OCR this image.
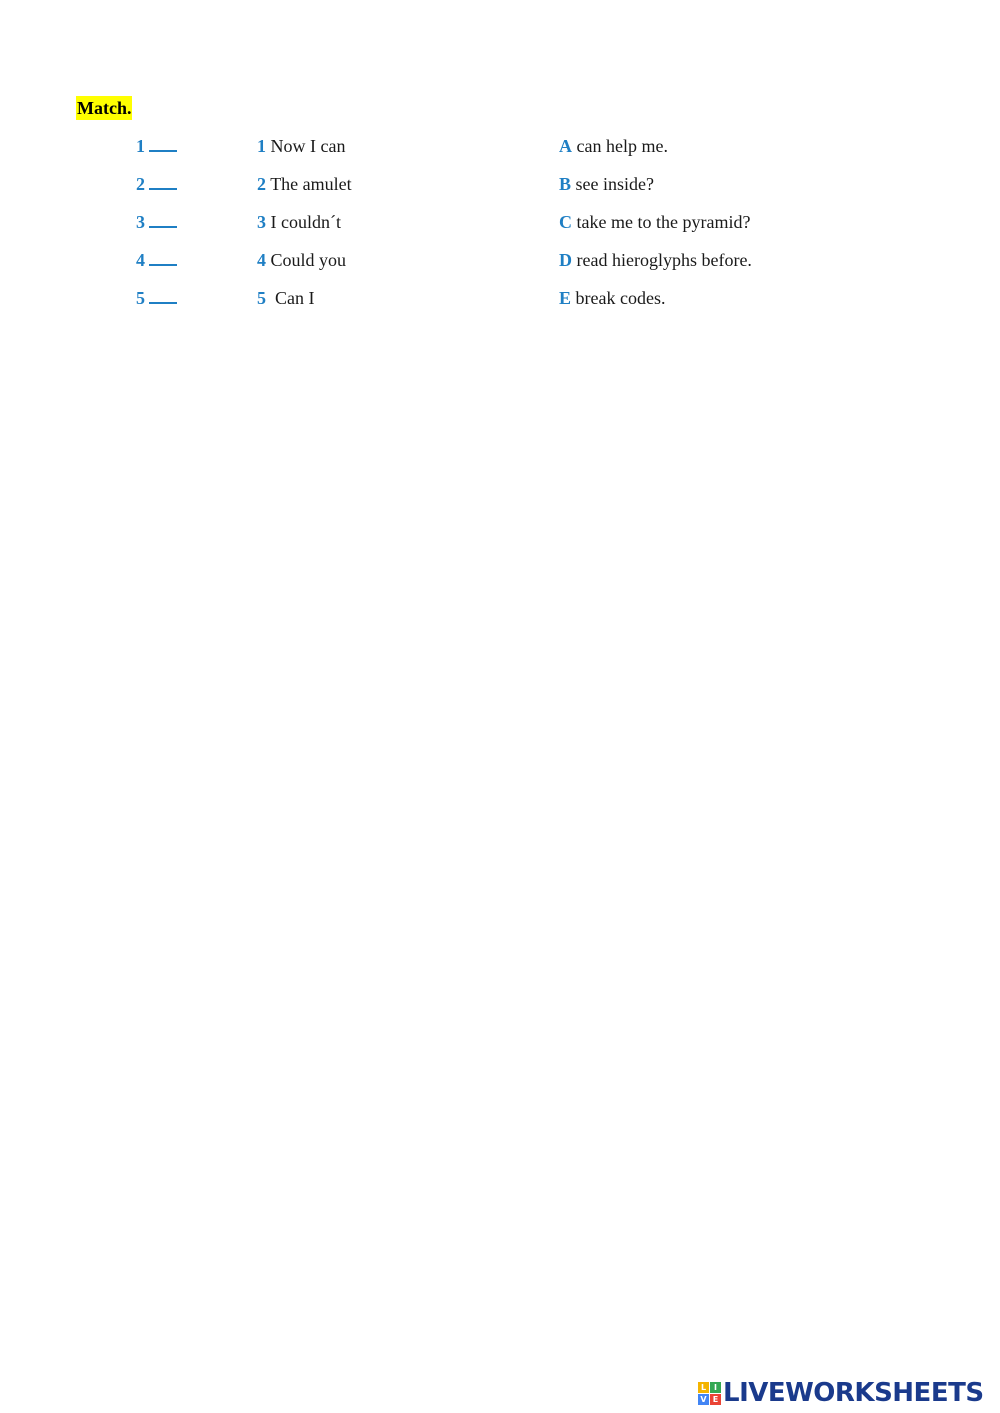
Match.
1	1 Now I can	A can help me.
2	2 The amulet	B see inside?
3	3 I couldn´t	C take me to the pyramid?
4	4 Could you	D read hieroglyphs before.
5	5  Can I	E break codes.
L I
V E LIVEWORKSHEETS
